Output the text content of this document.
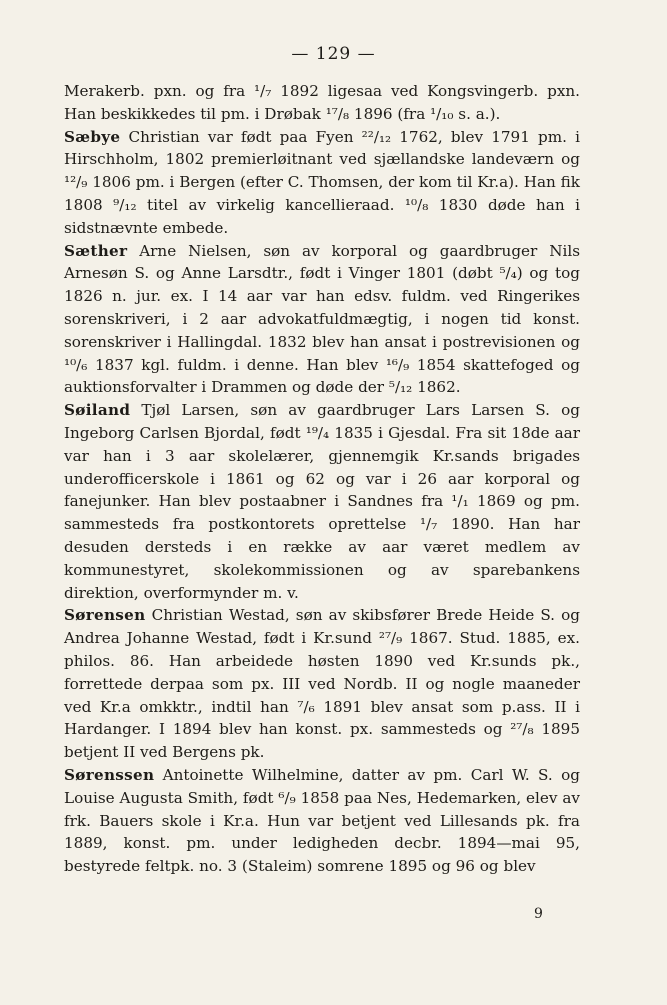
— 129 —

Merakerb. pxn. og fra ¹/₇ 1892 ligesaa ved Kongsvingerb. pxn. Han beskikkedes til pm. i Drøbak ¹⁷/₈ 1896 (fra ¹/₁₀ s. a.).

Sæbye Christian var født paa Fyen ²²/₁₂ 1762, blev 1791 pm. i Hirschholm, 1802 premierløitnant ved sjællandske landeværn og ¹²/₉ 1806 pm. i Bergen (efter C. Thomsen, der kom til Kr.a). Han fik 1808 ⁹/₁₂ titel av virkelig kancellieraad. ¹⁰/₈ 1830 døde han i sidstnævnte embede.

Sæther Arne Nielsen, søn av korporal og gaardbruger Nils Arnesøn S. og Anne Larsdtr., født i Vinger 1801 (døbt ⁵/₄) og tog 1826 n. jur. ex. I 14 aar var han edsv. fuldm. ved Ringerikes sorenskriveri, i 2 aar advokatfuldmægtig, i nogen tid konst. sorenskriver i Hallingdal. 1832 blev han ansat i postrevisionen og ¹⁰/₆ 1837 kgl. fuldm. i denne. Han blev ¹⁶/₉ 1854 skattefoged og auktionsforvalter i Drammen og døde der ⁵/₁₂ 1862.

Søiland Tjøl Larsen, søn av gaardbruger Lars Larsen S. og Ingeborg Carlsen Bjordal, født ¹⁹/₄ 1835 i Gjesdal. Fra sit 18de aar var han i 3 aar skolelærer, gjennemgik Kr.sands brigades underofficerskole i 1861 og 62 og var i 26 aar korporal og fanejunker. Han blev postaabner i Sandnes fra ¹/₁ 1869 og pm. sammesteds fra postkontorets oprettelse ¹/₇ 1890. Han har desuden dersteds i en række av aar været medlem av kommunestyret, skolekommissionen og av sparebankens direktion, overformynder m. v.

Sørensen Christian Westad, søn av skibsfører Brede Heide S. og Andrea Johanne Westad, født i Kr.sund ²⁷/₉ 1867. Stud. 1885, ex. philos. 86. Han arbeidede høsten 1890 ved Kr.sunds pk., forrettede derpaa som px. III ved Nordb. II og nogle maaneder ved Kr.a omkktr., indtil han ⁷/₆ 1891 blev ansat som p.ass. II i Hardanger. I 1894 blev han konst. px. sammesteds og ²⁷/₈ 1895 betjent II ved Bergens pk.

Sørenssen Antoinette Wilhelmine, datter av pm. Carl W. S. og Louise Augusta Smith, født ⁶/₉ 1858 paa Nes, Hedemarken, elev av frk. Bauers skole i Kr.a. Hun var betjent ved Lillesands pk. fra 1889, konst. pm. under ledigheden decbr. 1894—mai 95, bestyrede feltpk. no. 3 (Staleim) somrene 1895 og 96 og blev

9
